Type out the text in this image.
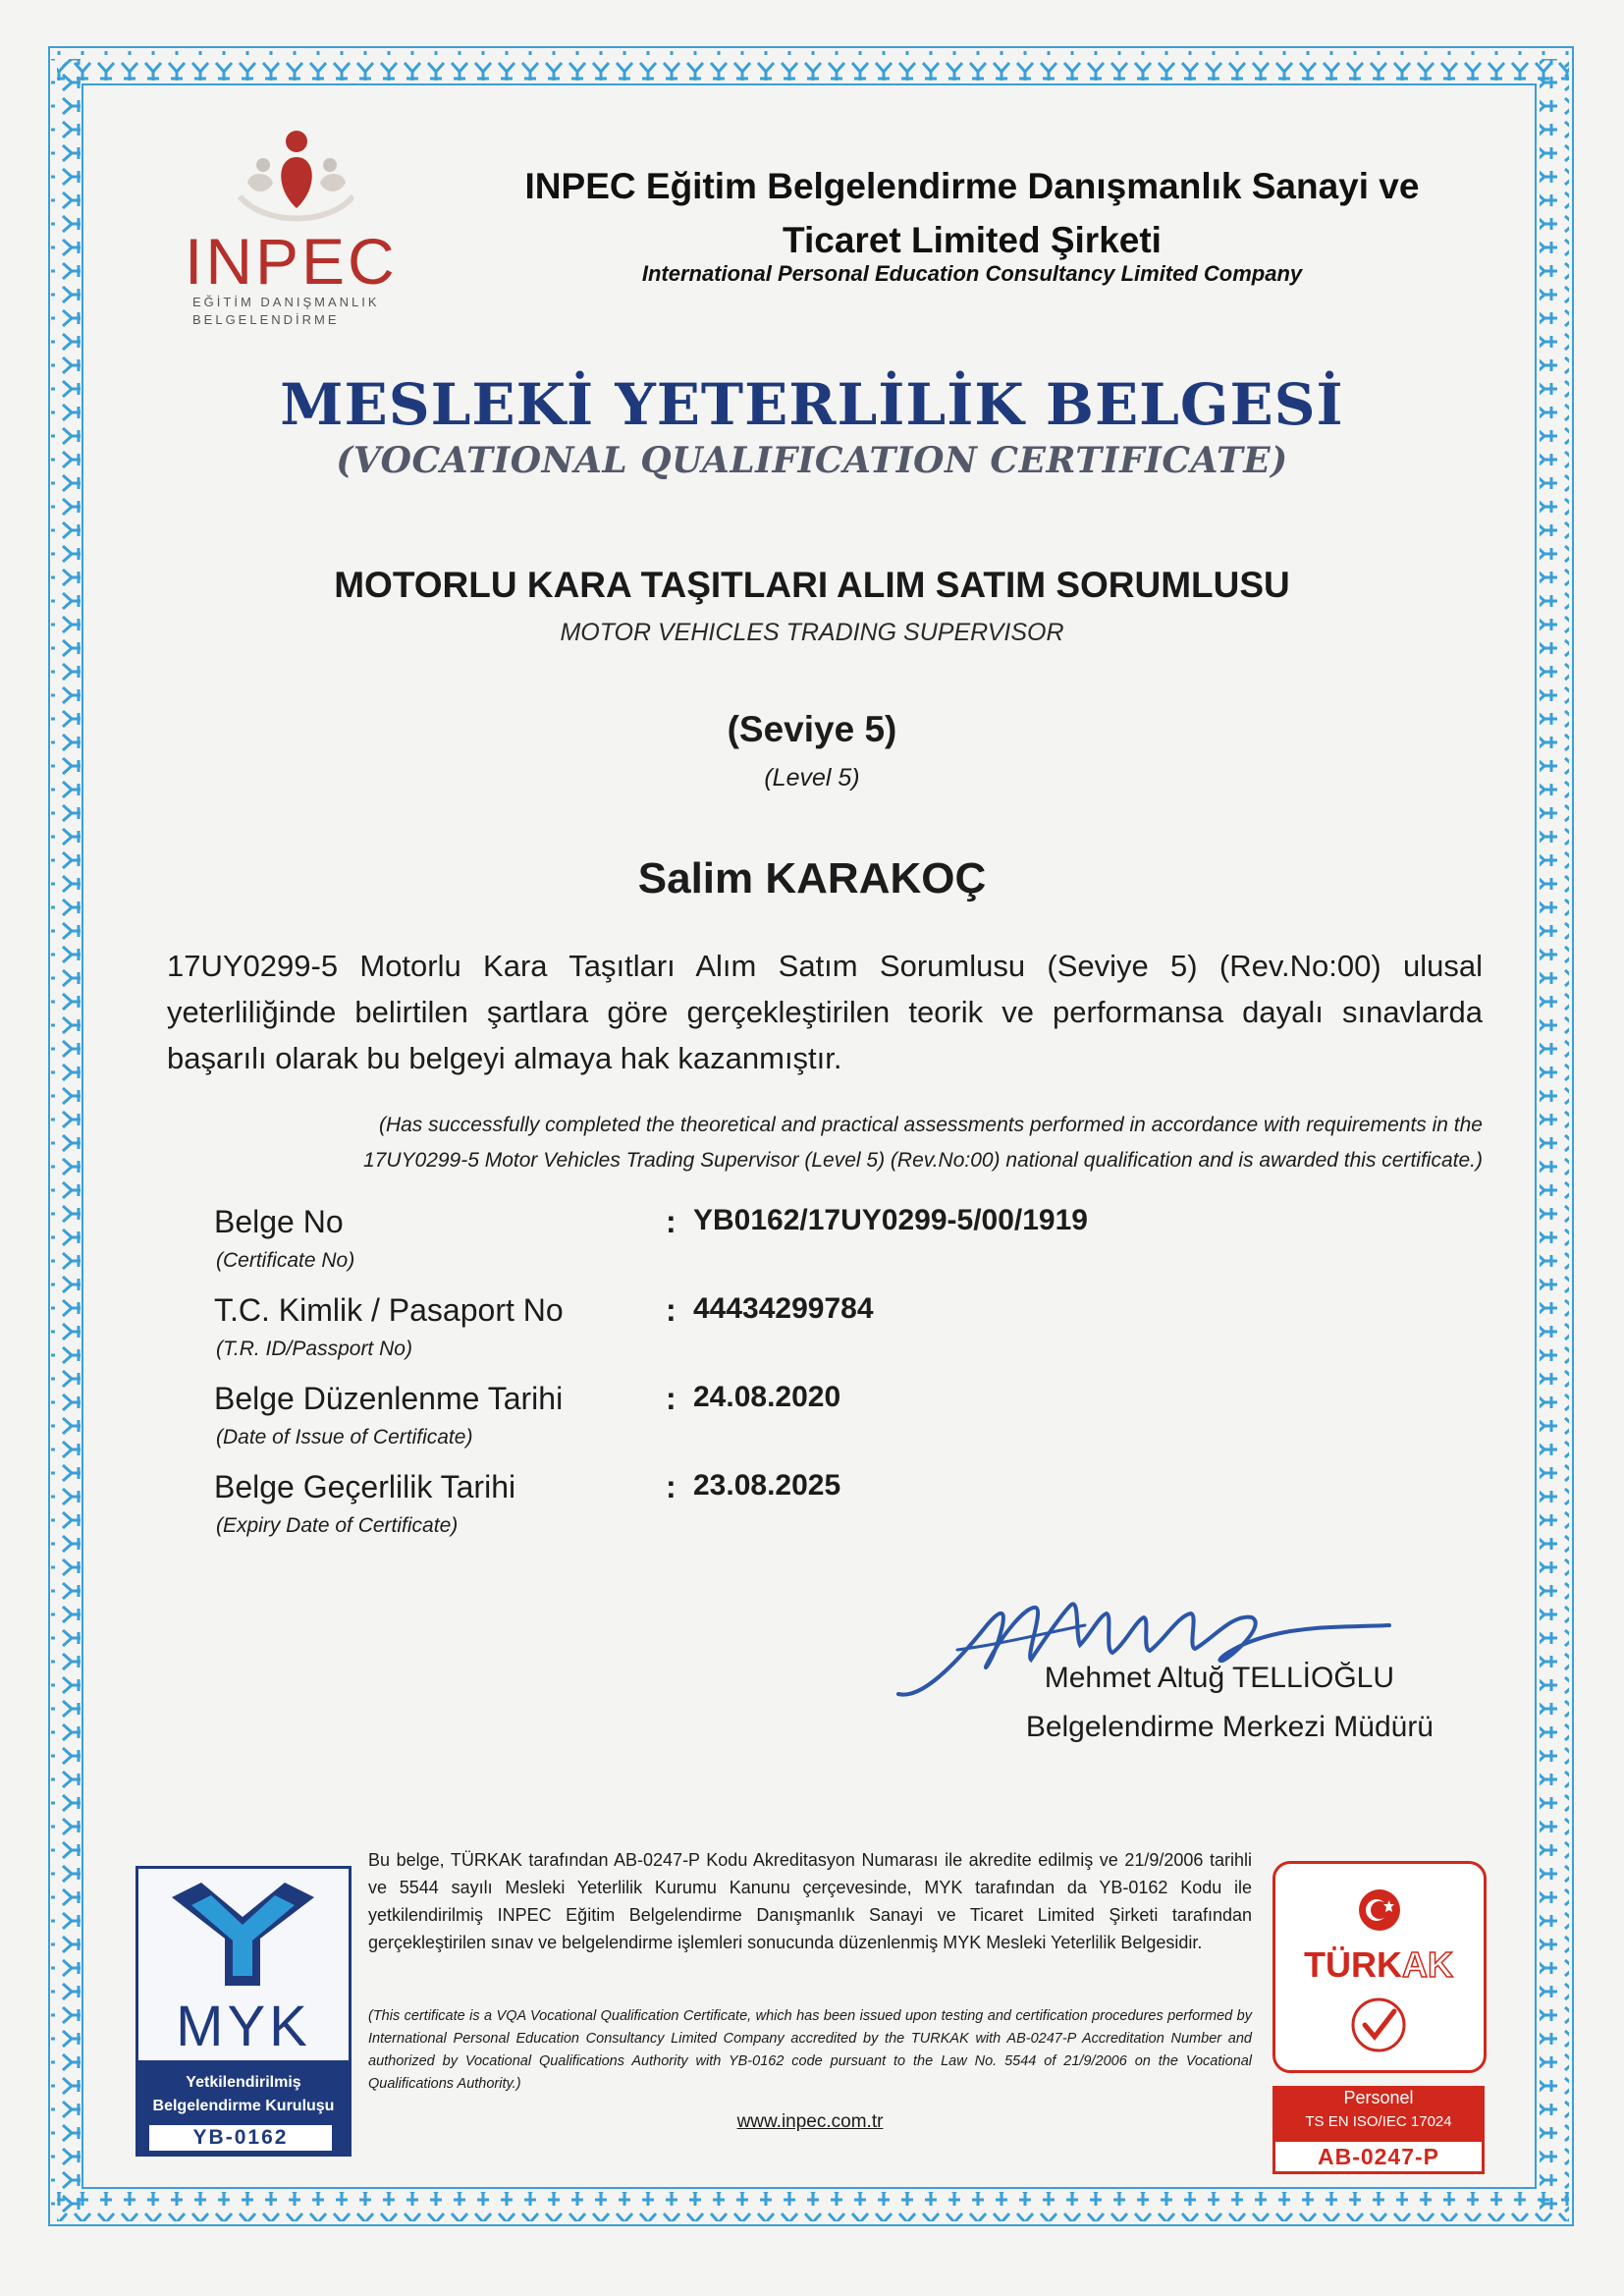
INPEC
EĞİTİM DANIŞMANLIK
BELGELENDİRME
INPEC Eğitim Belgelendirme Danışmanlık Sanayi ve
Ticaret Limited Şirketi
International Personal Education Consultancy Limited Company
MESLEKİ YETERLİLİK BELGESİ
(VOCATIONAL QUALIFICATION CERTIFICATE)
MOTORLU KARA TAŞITLARI ALIM SATIM SORUMLUSU
MOTOR VEHICLES TRADING SUPERVISOR
(Seviye 5)
(Level 5)
Salim KARAKOÇ
17UY0299-5 Motorlu Kara Taşıtları Alım Satım Sorumlusu (Seviye 5) (Rev.No:00) ulusal yeterliliğinde belirtilen şartlara göre gerçekleştirilen teorik ve performansa dayalı sınavlarda başarılı olarak bu belgeyi almaya hak kazanmıştır.
(Has successfully completed the theoretical and practical assessments performed in accordance with requirements in the
17UY0299-5 Motor Vehicles Trading Supervisor (Level 5) (Rev.No:00) national qualification and is awarded this certificate.)
Belge No
(Certificate No)
: YB0162/17UY0299-5/00/1919
T.C. Kimlik / Pasaport No
(T.R. ID/Passport No)
: 44434299784
Belge Düzenlenme Tarihi
(Date of Issue of Certificate)
: 24.08.2020
Belge Geçerlilik Tarihi
(Expiry Date of Certificate)
: 23.08.2025
Mehmet Altuğ TELLİOĞLU
Belgelendirme Merkezi Müdürü
MYK
Yetkilendirilmiş
Belgelendirme Kuruluşu
YB-0162
Bu belge, TÜRKAK tarafından AB-0247-P Kodu Akreditasyon Numarası ile akredite edilmiş ve 21/9/2006 tarihli ve 5544 sayılı Mesleki Yeterlilik Kurumu Kanunu çerçevesinde, MYK tarafından da YB-0162 Kodu ile yetkilendirilmiş INPEC Eğitim Belgelendirme Danışmanlık Sanayi ve Ticaret Limited Şirketi tarafından gerçekleştirilen sınav ve belgelendirme işlemleri sonucunda düzenlenmiş MYK Mesleki Yeterlilik Belgesidir.
(This certificate is a VQA Vocational Qualification Certificate, which has been issued upon testing and certification procedures performed by International Personal Education Consultancy Limited Company accredited by the TURKAK with AB-0247-P Accreditation Number and authorized by Vocational Qualifications Authority with YB-0162 code pursuant to the Law No. 5544 of 21/9/2006 on the Vocational Qualifications Authority.)
www.inpec.com.tr
TÜRKAK
Personel
TS EN ISO/IEC 17024
AB-0247-P
